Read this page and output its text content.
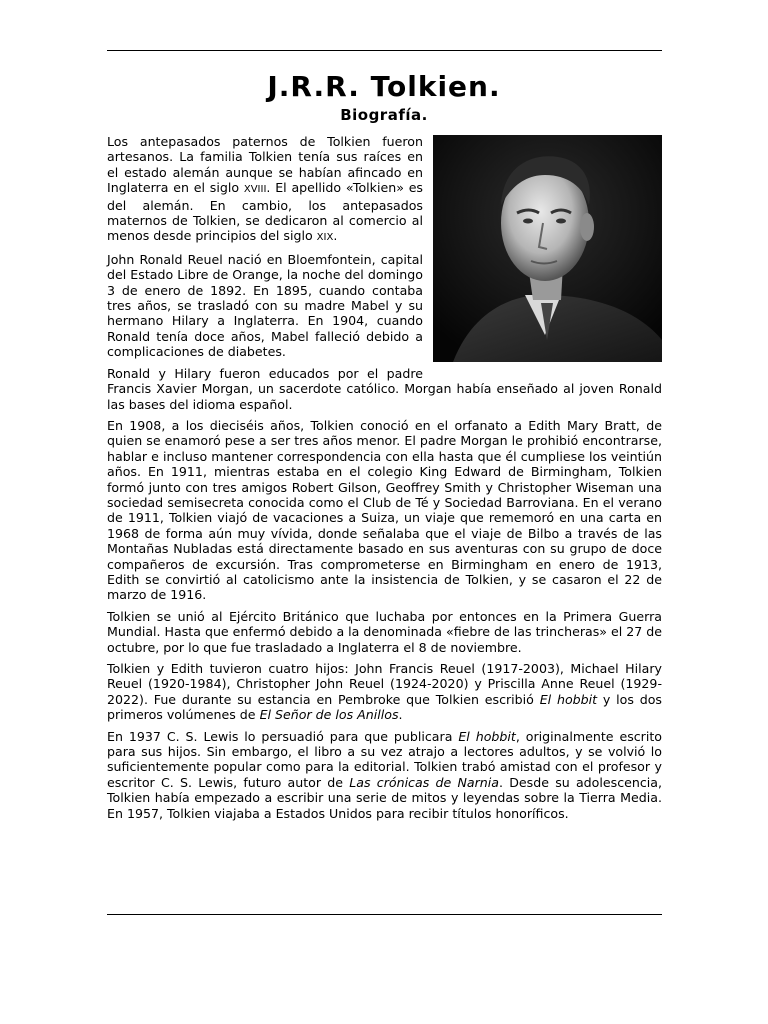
J.R.R. Tolkien.
Biografía.

Los antepasados paternos de Tolkien fueron artesanos. La familia Tolkien tenía sus raíces en el estado alemán aunque se habían afincado en Inglaterra en el siglo XVIII. El apellido «Tolkien» es del alemán. En cambio, los antepasados maternos de Tolkien, se dedicaron al comercio al menos desde principios del siglo XIX.

John Ronald Reuel nació en Bloemfontein, capital del Estado Libre de Orange, la noche del domingo 3 de enero de 1892. En 1895, cuando contaba tres años, se trasladó con su madre Mabel y su hermano Hilary a Inglaterra. En 1904, cuando Ronald tenía doce años, Mabel falleció debido a complicaciones de diabetes.

Ronald y Hilary fueron educados por el padre Francis Xavier Morgan, un sacerdote católico. Morgan había enseñado al joven Ronald las bases del idioma español.

En 1908, a los dieciséis años, Tolkien conoció en el orfanato a Edith Mary Bratt, de quien se enamoró pese a ser tres años menor. El padre Morgan le prohibió encontrarse, hablar e incluso mantener correspondencia con ella hasta que él cumpliese los veintiún años. En 1911, mientras estaba en el colegio King Edward de Birmingham, Tolkien formó junto con tres amigos Robert Gilson, Geoffrey Smith y Christopher Wiseman una sociedad semisecreta conocida como el Club de Té y Sociedad Barroviana. En el verano de 1911, Tolkien viajó de vacaciones a Suiza, un viaje que rememoró en una carta en 1968 de forma aún muy vívida, donde señalaba que el viaje de Bilbo a través de las Montañas Nubladas está directamente basado en sus aventuras con su grupo de doce compañeros de excursión. Tras comprometerse en Birmingham en enero de 1913, Edith se convirtió al catolicismo ante la insistencia de Tolkien, y se casaron el 22 de marzo de 1916.

Tolkien se unió al Ejército Británico que luchaba por entonces en la Primera Guerra Mundial. Hasta que enfermó debido a la denominada «fiebre de las trincheras» el 27 de octubre, por lo que fue trasladado a Inglaterra el 8 de noviembre.

Tolkien y Edith tuvieron cuatro hijos: John Francis Reuel (1917-2003), Michael Hilary Reuel (1920-1984), Christopher John Reuel (1924-2020) y Priscilla Anne Reuel (1929-2022). Fue durante su estancia en Pembroke que Tolkien escribió El hobbit y los dos primeros volúmenes de El Señor de los Anillos.

En 1937 C. S. Lewis lo persuadió para que publicara El hobbit, originalmente escrito para sus hijos. Sin embargo, el libro a su vez atrajo a lectores adultos, y se volvió lo suficientemente popular como para la editorial. Tolkien trabó amistad con el profesor y escritor C. S. Lewis, futuro autor de Las crónicas de Narnia. Desde su adolescencia, Tolkien había empezado a escribir una serie de mitos y leyendas sobre la Tierra Media. En 1957, Tolkien viajaba a Estados Unidos para recibir títulos honoríficos.
